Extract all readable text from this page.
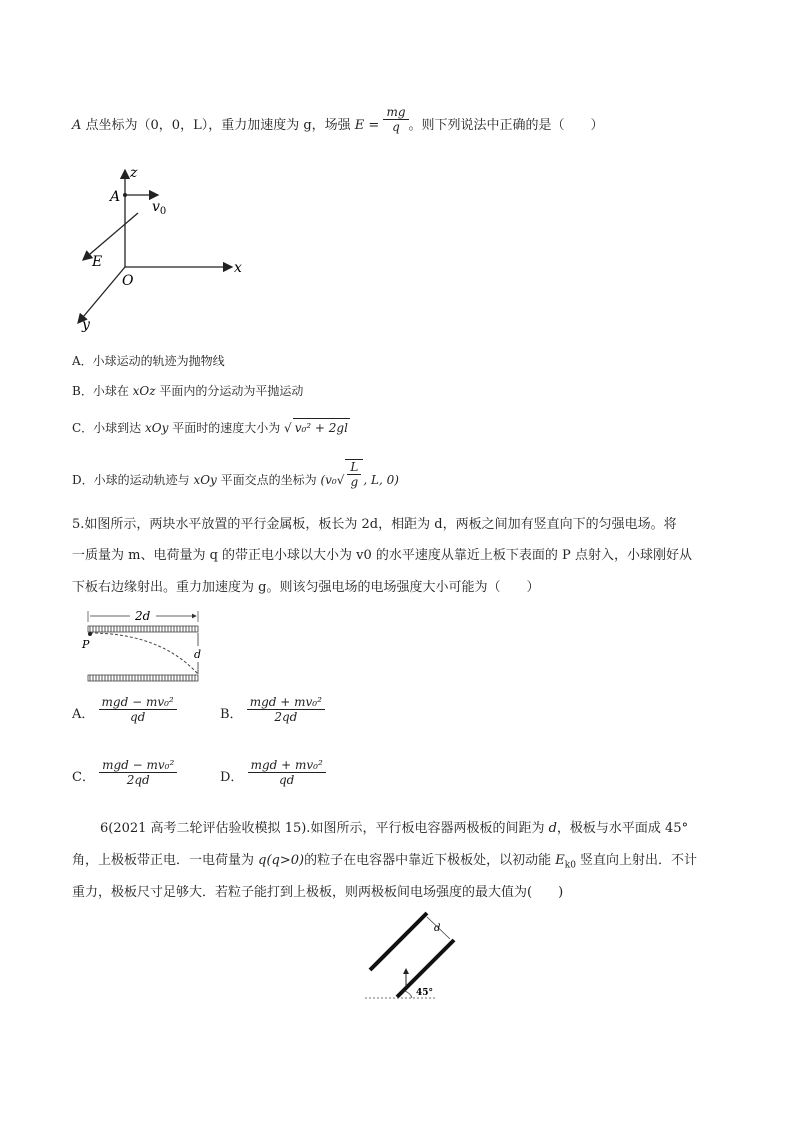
A 点坐标为（0，0，L），重力加速度为 g，场强 $E = \frac{mg}{q}$ 。则下列说法中正确的是（　　）
z
A
$v_0$
E
O
x
y
A．小球运动的轨迹为抛物线
B．小球在 xOz 平面内的分运动为平抛运动
C．小球到达 xOy 平面时的速度大小为 √ v₀² + 2gl
D．小球的运动轨迹与 xOy 平面交点的坐标为 ($v_0√ \frac{L}{g}$ , L, 0)
5.如图所示，两块水平放置的平行金属板，板长为 2d，相距为 d，两板之间加有竖直向下的匀强电场。将
一质量为 m、电荷量为 q 的带正电小球以大小为 v0 的水平速度从靠近上板下表面的 P 点射入，小球刚好从
下板右边缘射出。重力加速度为 g。则该匀强电场的电场强度大小可能为（　　）
2d
P
d
A． $\frac{\text{mgd − mv₀²}}{qd}$	B． $\frac{\text{mgd + mv₀²}}{2qd}$
C． $\frac{\text{mgd − mv₀²}}{2qd}$	D． $\frac{\text{mgd + mv₀²}}{qd}$
6(2021 高考二轮评估验收模拟 15).如图所示，平行板电容器两极板的间距为 d，极板与水平面成 45°
角，上极板带正电．一电荷量为 q(q>0)的粒子在电容器中靠近下极板处，以初动能 $E_{k0}$ 竖直向上射出．不计
重力，极板尺寸足够大．若粒子能打到上极板，则两极板间电场强度的最大值为(　　)
d
45°
